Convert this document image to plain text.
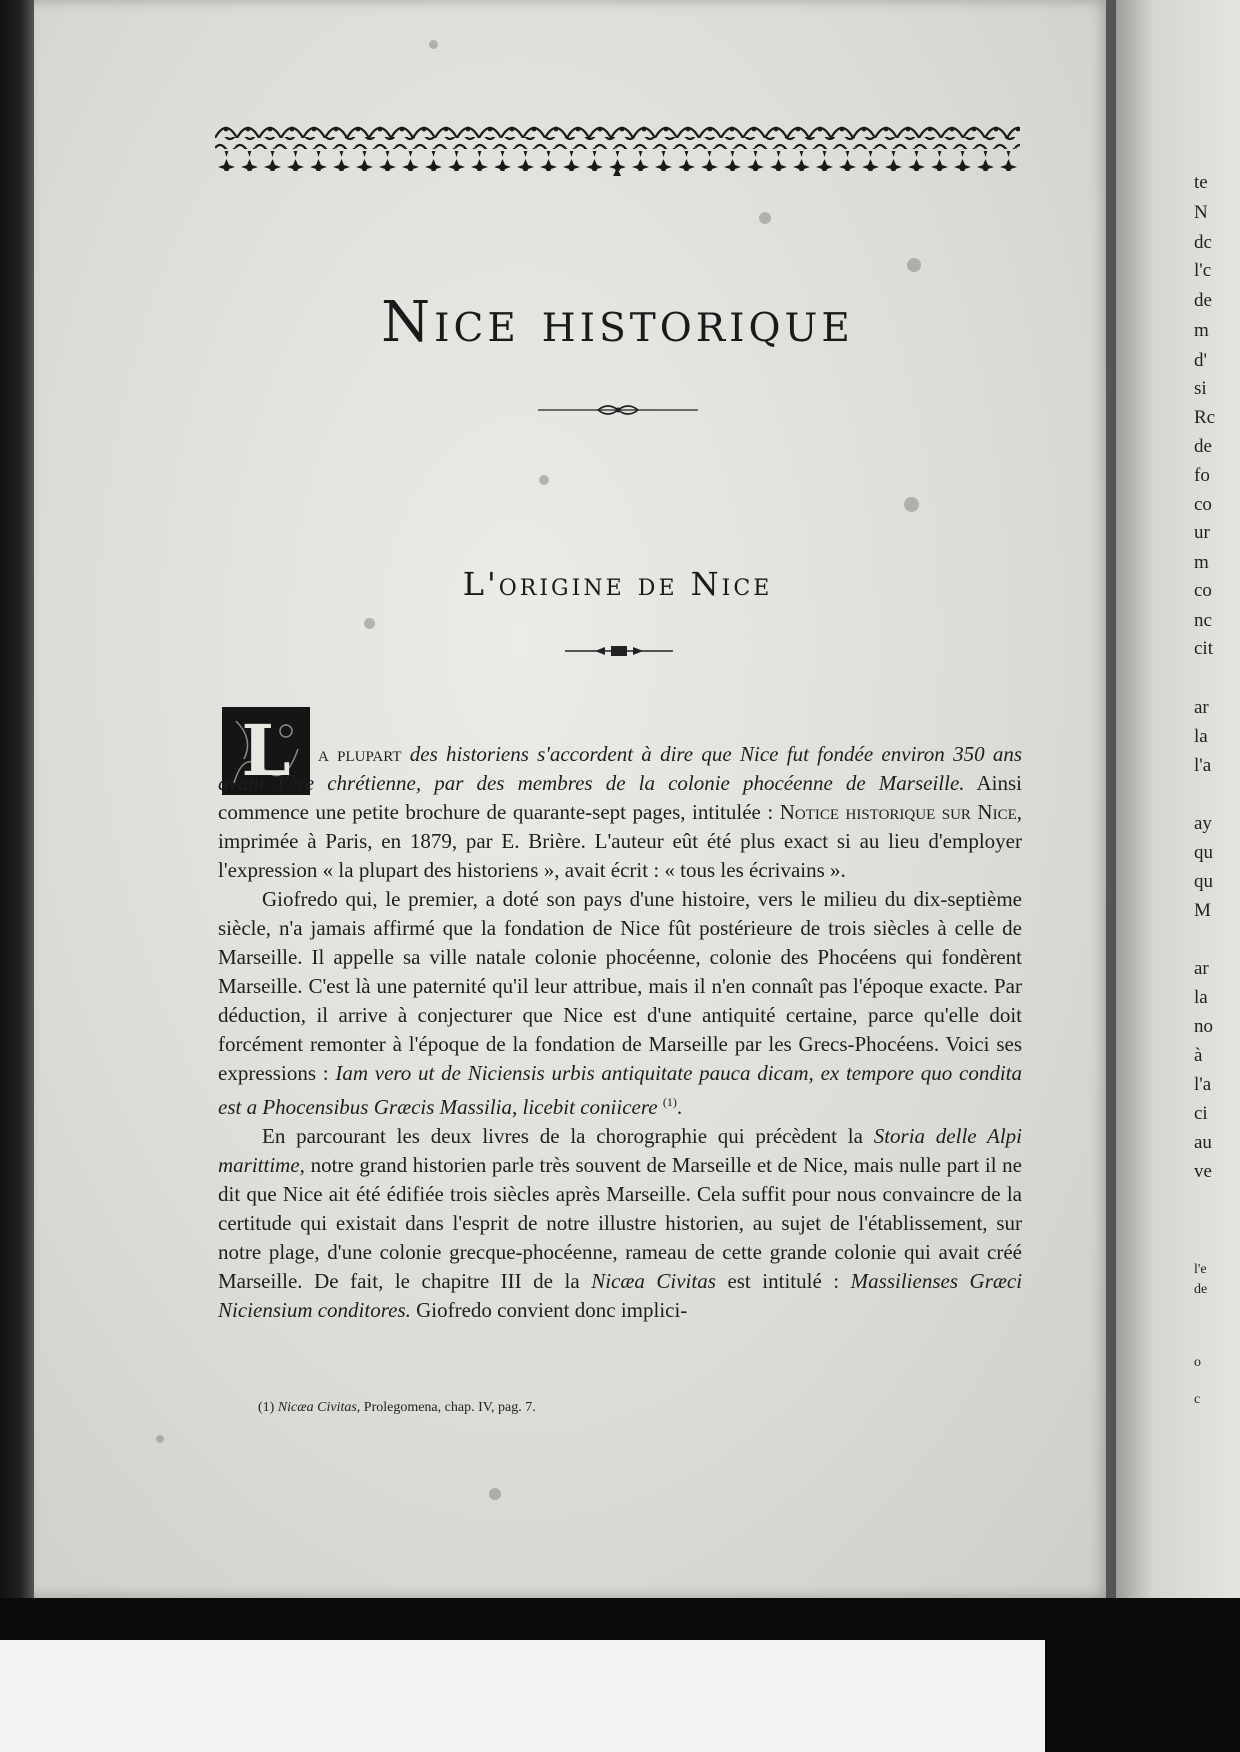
te
N
dc
l'c
de
m
d'
si
Rc
de
fo
co
ur
m
co
nc
cit
ar
la
l'a
ay
qu
qu
M
ar
la
no
à
l'a
ci
au
ve
l'e
de
o
c
Nice historique
L'origine de Nice
L	a plupart des historiens s'accordent à dire que Nice fut fondée environ 350 ans avant l'ère chrétienne, par des membres de la colonie phocéenne de Marseille. Ainsi commence une petite brochure de quarante-sept pages, intitulée : Notice historique sur Nice, imprimée à Paris, en 1879, par E. Brière. L'auteur eût été plus exact si au lieu d'employer l'expression « la plupart des historiens », avait écrit : « tous les écrivains ».

Giofredo qui, le premier, a doté son pays d'une histoire, vers le milieu du dix-septième siècle, n'a jamais affirmé que la fondation de Nice fût postérieure de trois siècles à celle de Marseille. Il appelle sa ville natale colonie phocéenne, colonie des Phocéens qui fondèrent Marseille. C'est là une paternité qu'il leur attribue, mais il n'en connaît pas l'époque exacte. Par déduction, il arrive à conjecturer que Nice est d'une antiquité certaine, parce qu'elle doit forcément remonter à l'époque de la fondation de Marseille par les Grecs-Phocéens. Voici ses expressions : Iam vero ut de Niciensis urbis antiquitate pauca dicam, ex tempore quo condita est a Phocensibus Græcis Massilia, licebit coniicere $^{(1)}$.

En parcourant les deux livres de la chorographie qui précèdent la Storia delle Alpi marittime, notre grand historien parle très souvent de Marseille et de Nice, mais nulle part il ne dit que Nice ait été édifiée trois siècles après Marseille. Cela suffit pour nous convaincre de la certitude qui existait dans l'esprit de notre illustre historien, au sujet de l'établissement, sur notre plage, d'une colonie grecque-phocéenne, rameau de cette grande colonie qui avait créé Marseille. De fait, le chapitre III de la Nicæa Civitas est intitulé : Massilienses Græci Niciensium conditores. Giofredo convient donc implici-

(1) Nicæa Civitas, Prolegomena, chap. IV, pag. 7.
